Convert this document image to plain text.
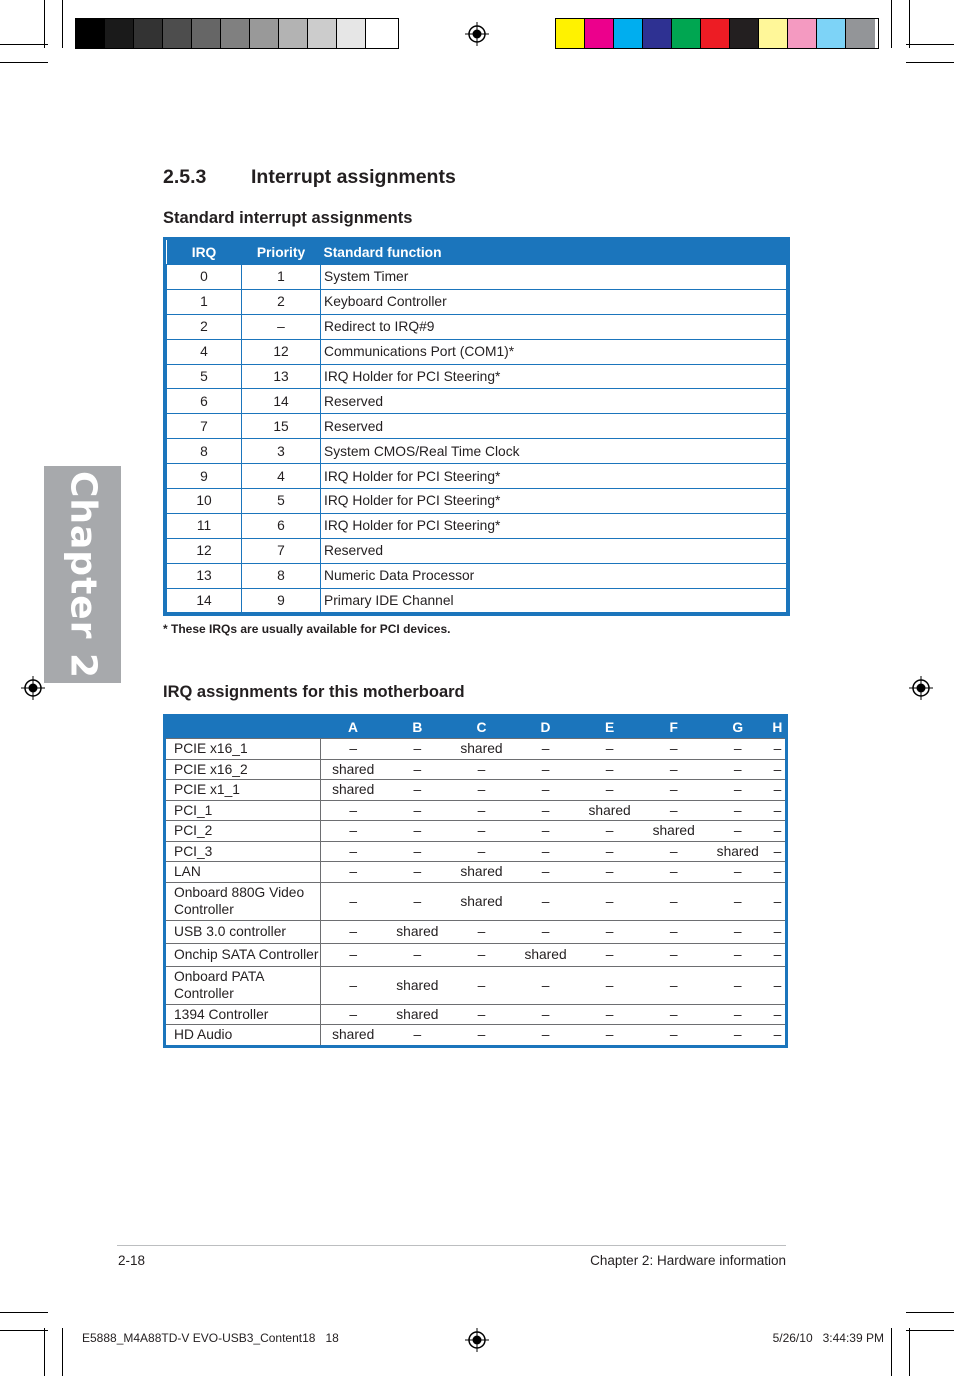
Chapter 2
2.5.3 Interrupt assignments
Standard interrupt assignments
IRQ	Priority	Standard function
0	1	System Timer
1	2	Keyboard Controller
2	–	Redirect to IRQ#9
4	12	Communications Port (COM1)*
5	13	IRQ Holder for PCI Steering*
6	14	Reserved
7	15	Reserved
8	3	System CMOS/Real Time Clock
9	4	IRQ Holder for PCI Steering*
10	5	IRQ Holder for PCI Steering*
11	6	IRQ Holder for PCI Steering*
12	7	Reserved
13	8	Numeric Data Processor
14	9	Primary IDE Channel
* These IRQs are usually available for PCI devices.
IRQ assignments for this motherboard
	A	B	C	D	E	F	G	H
PCIE x16_1	–	–	shared	–	–	–	–	–
PCIE x16_2	shared	–	–	–	–	–	–	–
PCIE x1_1	shared	–	–	–	–	–	–	–
PCI_1	–	–	–	–	shared	–	–	–
PCI_2	–	–	–	–	–	shared	–	–
PCI_3	–	–	–	–	–	–	shared	–
LAN	–	–	shared	–	–	–	–	–
Onboard 880G Video Controller	–	–	shared	–	–	–	–	–
USB 3.0 controller	–	shared	–	–	–	–	–	–
Onchip SATA Controller	–	–	–	shared	–	–	–	–
Onboard PATA Controller	–	shared	–	–	–	–	–	–
1394 Controller	–	shared	–	–	–	–	–	–
HD Audio	shared	–	–	–	–	–	–	–
2-18	Chapter 2: Hardware information
E5888_M4A88TD-V EVO-USB3_Content18   18	5/26/10   3:44:39 PM
